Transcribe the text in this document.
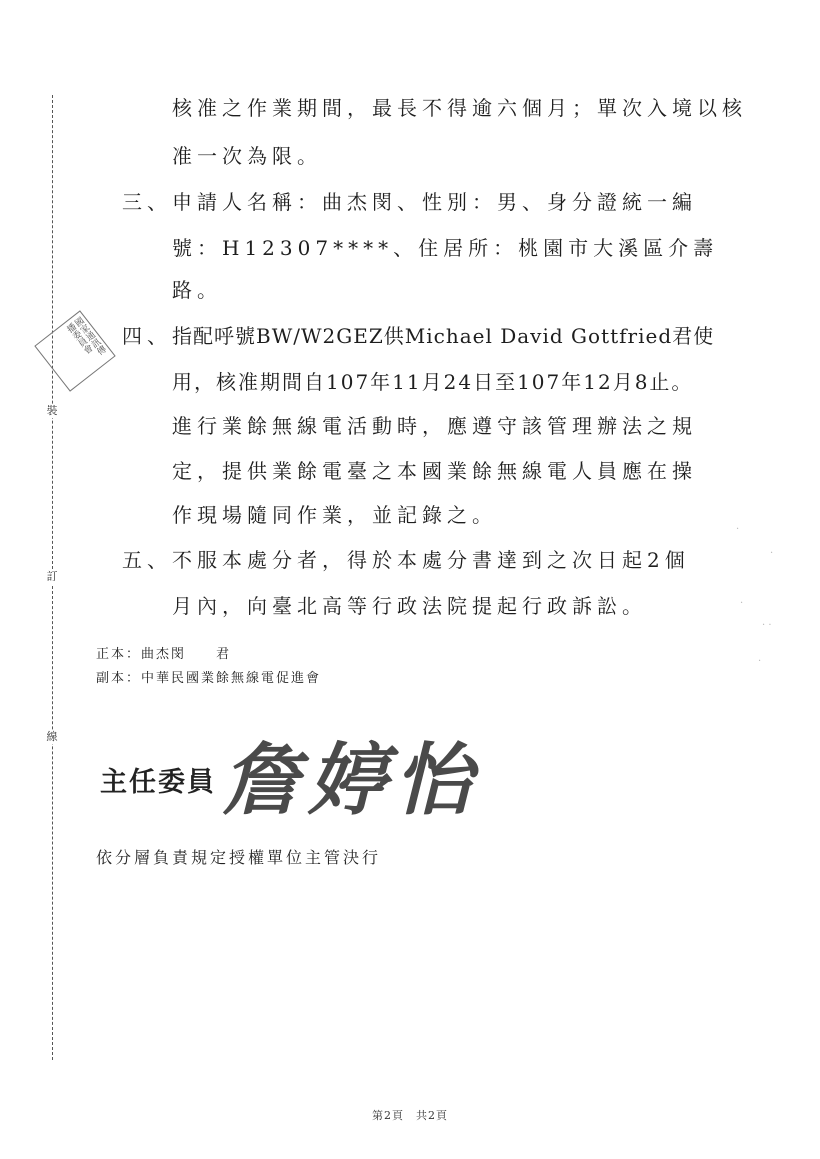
裝
訂
線
國家通訊傳播委員會
核准之作業期間，最長不得逾六個月；單次入境以核
准一次為限。
三、 申請人名稱：曲杰閔、性別：男、身分證統一編
號：H12307****、住居所：桃園市大溪區介壽
路。
四、 指配呼號BW/W2GEZ供Michael David Gottfried君使
用，核准期間自107年11月24日至107年12月8止。
進行業餘無線電活動時，應遵守該管理辦法之規
定，提供業餘電臺之本國業餘無線電人員應在操
作現場隨同作業，並記錄之。
五、 不服本處分者，得於本處分書達到之次日起2個
月內，向臺北高等行政法院提起行政訴訟。
正本：曲杰閔　　君
副本：中華民國業餘無線電促進會
主任委員 詹婷怡
依分層負責規定授權單位主管決行
·
·
·
· ·
·
第2頁　共2頁
